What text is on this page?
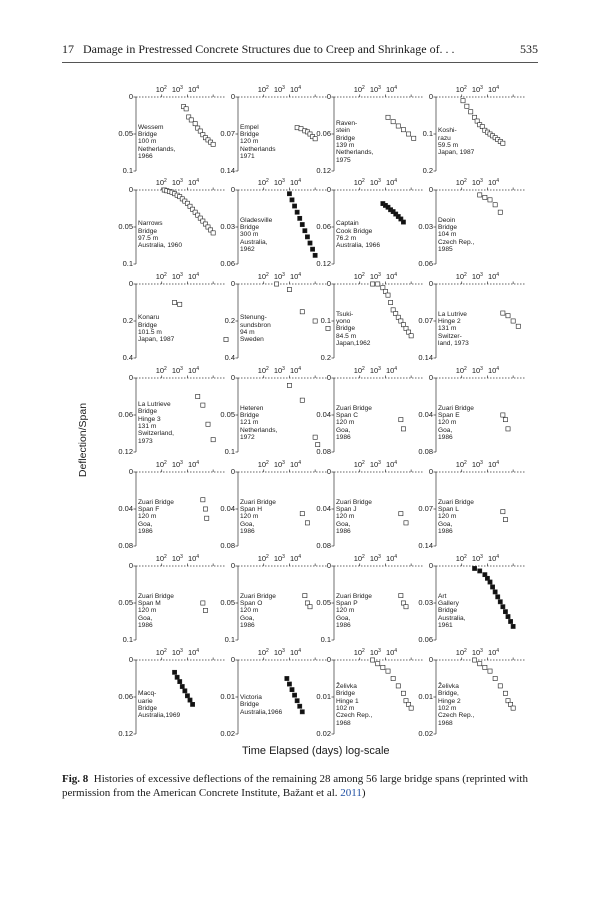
17 Damage in Prestressed Concrete Structures due to Creep and Shrinkage of. . .	535
$10^2$ $10^3$ $10^4$
0
0.05
0.1
Wessem
Bridge
100 m
Netherlands,
1966
$10^2$ $10^3$ $10^4$
0
0.07
0.14
Empel
Bridge
120 m
Netherlands
1971
$10^2$ $10^3$ $10^4$
0
0.06
0.12
Raven-
stein
Bridge
139 m
Netherlands,
1975
$10^2$ $10^3$ $10^4$
0
0.1
0.2
Koshi-
razu
59.5 m
Japan, 1987
$10^2$ $10^3$ $10^4$
0
0.05
0.1
Narrows
Bridge
97.5 m
Australia, 1960
$10^2$ $10^3$ $10^4$
0
0.03
0.06
Gladesville
Bridge
300 m
Australia,
1962
$10^2$ $10^3$ $10^4$
0
0.06
0.12
Captain
Cook Bridge
76.2 m
Australia, 1966
$10^2$ $10^3$ $10^4$
0
0.03
0.06
Deoin
Bridge
104 m
Czech Rep.,
1985
$10^2$ $10^3$ $10^4$
0
0.2
0.4
Konaru
Bridge
101.5 m
Japan, 1987
$10^2$ $10^3$ $10^4$
0
0.2
0.4
Stenung-
sundsbron
94 m
Sweden
$10^2$ $10^3$ $10^4$
0
0.1
0.2
Tsuki-
yono
Bridge
84.5 m
Japan,1962
$10^2$ $10^3$ $10^4$
0
0.07
0.14
La Lutrive
Hinge 2
131 m
Switzer-
land, 1973
$10^2$ $10^3$ $10^4$
0
0.06
0.12
La Lutrieve
Bridge
Hinge 3
131 m
Switzerland,
1973
$10^2$ $10^3$ $10^4$
0
0.05
0.1
Heteren
Bridge
121 m
Netherlands,
1972
$10^2$ $10^3$ $10^4$
0
0.04
0.08
Zuari Bridge
Span C
120 m
Goa,
1986
$10^2$ $10^3$ $10^4$
0
0.04
0.08
Zuari Bridge
Span E
120 m
Goa,
1986
$10^2$ $10^3$ $10^4$
0
0.04
0.08
Zuari Bridge
Span F
120 m
Goa,
1986
$10^2$ $10^3$ $10^4$
0
0.04
0.08
Zuari Bridge
Span H
120 m
Goa,
1986
$10^2$ $10^3$ $10^4$
0
0.04
0.08
Zuari Bridge
Span J
120 m
Goa,
1986
$10^2$ $10^3$ $10^4$
0
0.07
0.14
Zuari Bridge
Span L
120 m
Goa,
1986
$10^2$ $10^3$ $10^4$
0
0.05
0.1
Zuari Bridge
Span M
120 m
Goa,
1986
$10^2$ $10^3$ $10^4$
0
0.05
0.1
Zuari Bridge
Span O
120 m
Goa,
1986
$10^2$ $10^3$ $10^4$
0
0.05
0.1
Zuari Bridge
Span P
120 m
Goa,
1986
$10^2$ $10^3$ $10^4$
0
0.03
0.06
Art
Gallery
Bridge
Australia,
1961
$10^2$ $10^3$ $10^4$
0
0.06
0.12
Macq-
uarie
Bridge
Australia,1969
$10^2$ $10^3$ $10^4$
0
0.01
0.02
Victoria
Bridge
Australia,1966
$10^2$ $10^3$ $10^4$
0
0.01
0.02
Želivka
Bridge
Hinge 1
102 m
Czech Rep.,
1968
$10^2$ $10^3$ $10^4$
0
0.01
0.02
Želivka
Bridge,
Hinge 2
102 m
Czech Rep.,
1968
Deflection/Span
Time Elapsed (days) log-scale
Fig. 8 Histories of excessive deflections of the remaining 28 among 56 large bridge spans (reprinted with permission from the American Concrete Institute, Bažant et al. 2011)
